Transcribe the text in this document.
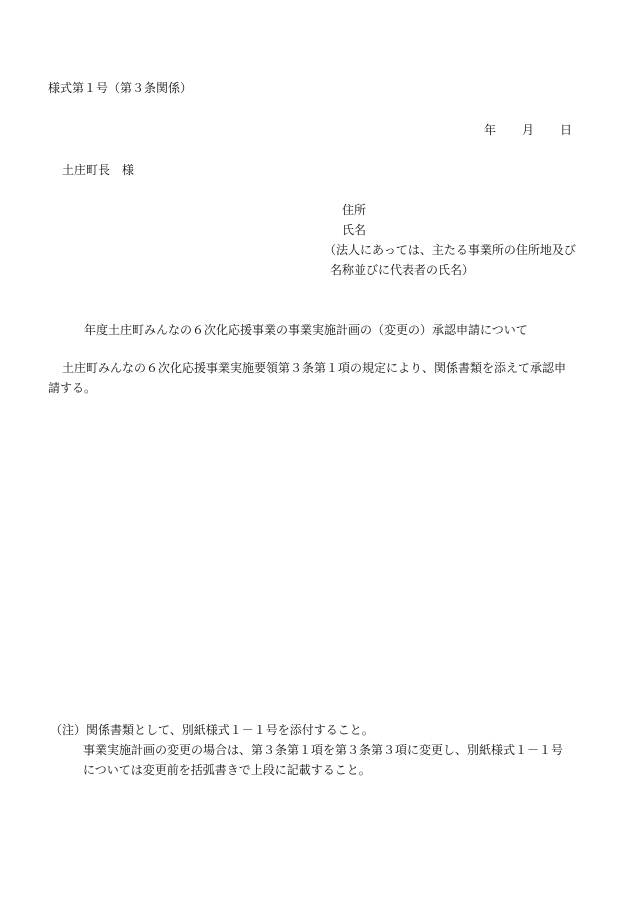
様式第１号（第３条関係）
年 月 日
土庄町長　様
住所
氏名
（法人にあっては、主たる事業所の住所地及び
名称並びに代表者の氏名）
年度土庄町みんなの６次化応援事業の事業実施計画の（変更の）承認申請について
土庄町みんなの６次化応援事業実施要領第３条第１項の規定により、関係書類を添えて承認申
請する。
（注）関係書類として、別紙様式１－１号を添付すること。
事業実施計画の変更の場合は、第３条第１項を第３条第３項に変更し、別紙様式１－１号
については変更前を括弧書きで上段に記載すること。
